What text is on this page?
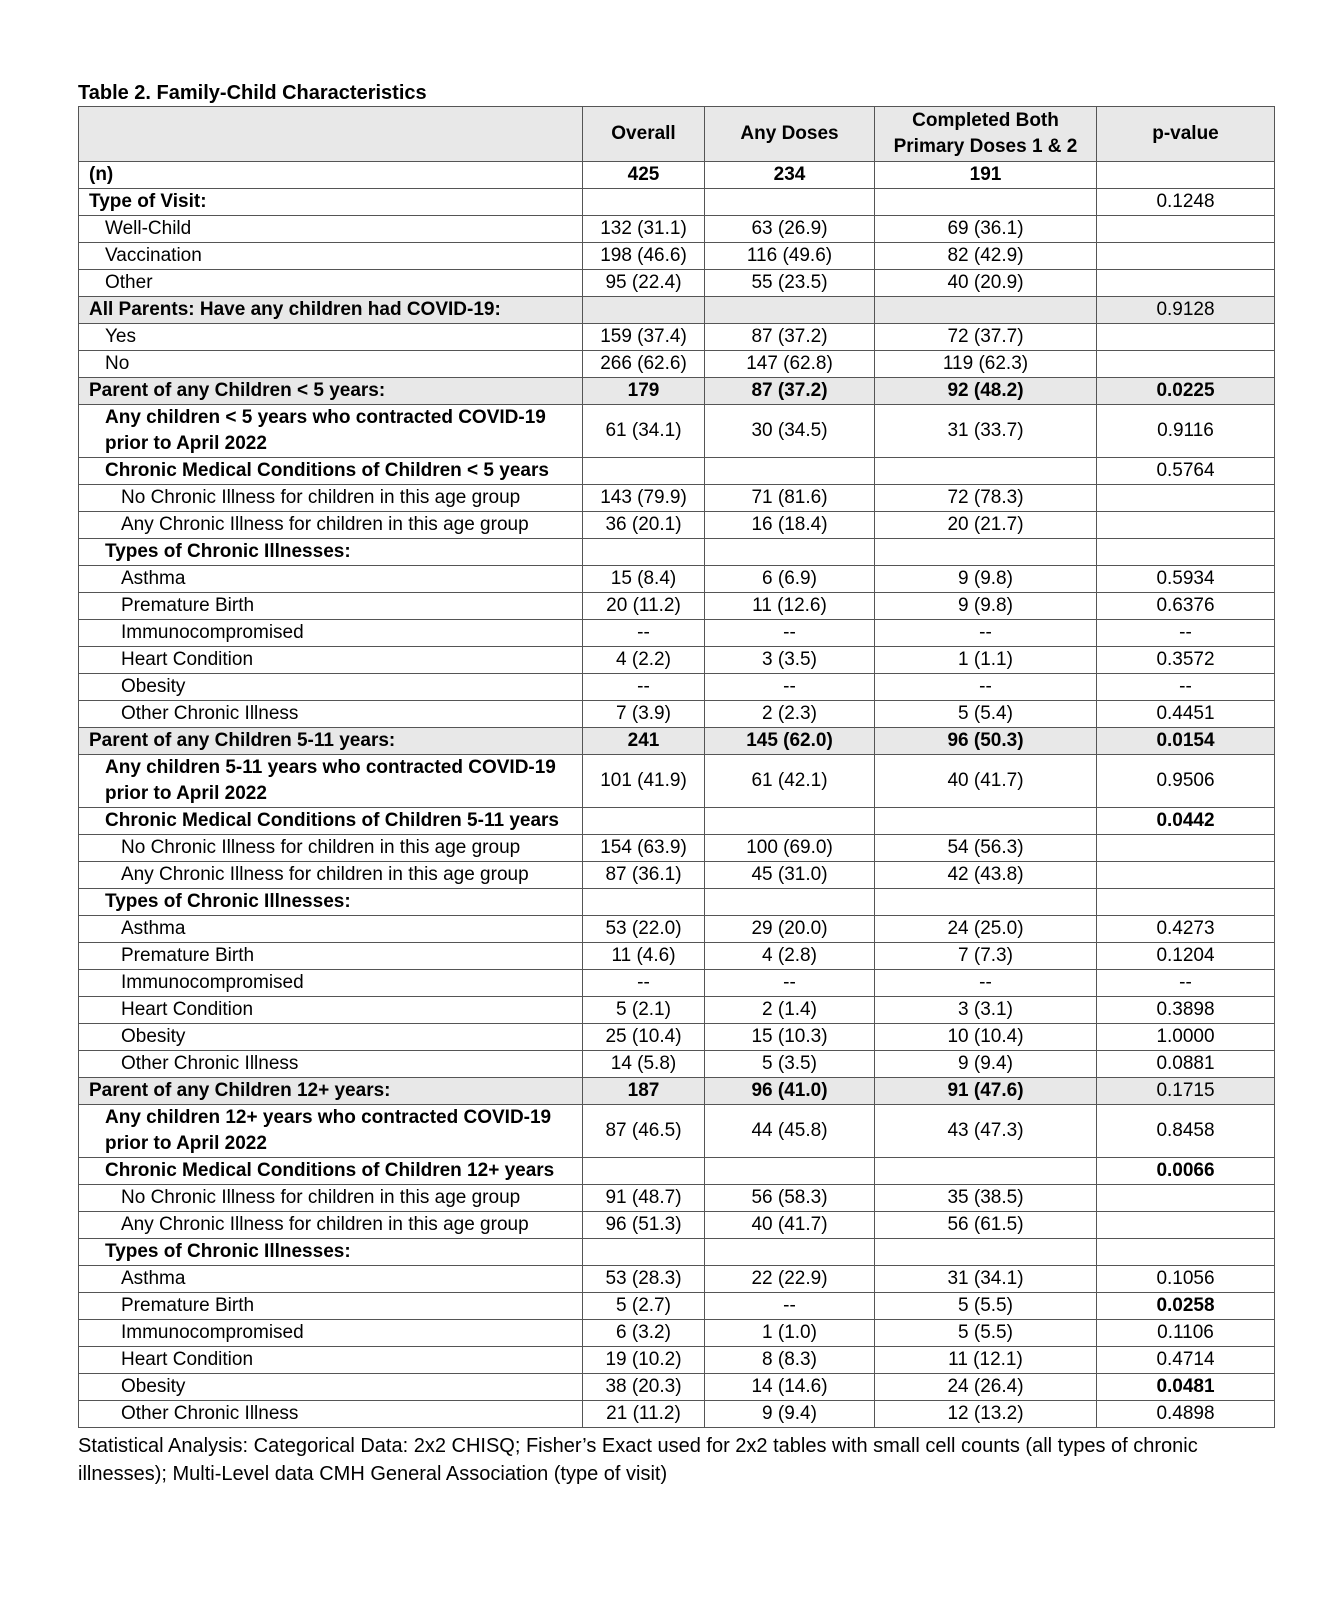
Table 2. Family-Child Characteristics
	Overall	Any Doses	Completed Both Primary Doses 1 & 2	p-value
(n)	425	234	191	
Type of Visit:				0.1248
Well-Child	132 (31.1)	63 (26.9)	69 (36.1)	
Vaccination	198 (46.6)	116 (49.6)	82 (42.9)	
Other	95 (22.4)	55 (23.5)	40 (20.9)	
All Parents: Have any children had COVID-19:				0.9128
Yes	159 (37.4)	87 (37.2)	72 (37.7)	
No	266 (62.6)	147 (62.8)	119 (62.3)	
Parent of any Children < 5 years:	179	87 (37.2)	92 (48.2)	0.0225
Any children < 5 years who contracted COVID-19 prior to April 2022	61 (34.1)	30 (34.5)	31 (33.7)	0.9116
Chronic Medical Conditions of Children < 5 years				0.5764
No Chronic Illness for children in this age group	143 (79.9)	71 (81.6)	72 (78.3)	
Any Chronic Illness for children in this age group	36 (20.1)	16 (18.4)	20 (21.7)	
Types of Chronic Illnesses:				
Asthma	15 (8.4)	6 (6.9)	9 (9.8)	0.5934
Premature Birth	20 (11.2)	11 (12.6)	9 (9.8)	0.6376
Immunocompromised	--	--	--	--
Heart Condition	4 (2.2)	3 (3.5)	1 (1.1)	0.3572
Obesity	--	--	--	--
Other Chronic Illness	7 (3.9)	2 (2.3)	5 (5.4)	0.4451
Parent of any Children 5-11 years:	241	145 (62.0)	96 (50.3)	0.0154
Any children 5-11 years who contracted COVID-19 prior to April 2022	101 (41.9)	61 (42.1)	40 (41.7)	0.9506
Chronic Medical Conditions of Children 5-11 years				0.0442
No Chronic Illness for children in this age group	154 (63.9)	100 (69.0)	54 (56.3)	
Any Chronic Illness for children in this age group	87 (36.1)	45 (31.0)	42 (43.8)	
Types of Chronic Illnesses:				
Asthma	53 (22.0)	29 (20.0)	24 (25.0)	0.4273
Premature Birth	11 (4.6)	4 (2.8)	7 (7.3)	0.1204
Immunocompromised	--	--	--	--
Heart Condition	5 (2.1)	2 (1.4)	3 (3.1)	0.3898
Obesity	25 (10.4)	15 (10.3)	10 (10.4)	1.0000
Other Chronic Illness	14 (5.8)	5 (3.5)	9 (9.4)	0.0881
Parent of any Children 12+ years:	187	96 (41.0)	91 (47.6)	0.1715
Any children 12+ years who contracted COVID-19 prior to April 2022	87 (46.5)	44 (45.8)	43 (47.3)	0.8458
Chronic Medical Conditions of Children 12+ years				0.0066
No Chronic Illness for children in this age group	91 (48.7)	56 (58.3)	35 (38.5)	
Any Chronic Illness for children in this age group	96 (51.3)	40 (41.7)	56 (61.5)	
Types of Chronic Illnesses:				
Asthma	53 (28.3)	22 (22.9)	31 (34.1)	0.1056
Premature Birth	5 (2.7)	--	5 (5.5)	0.0258
Immunocompromised	6 (3.2)	1 (1.0)	5 (5.5)	0.1106
Heart Condition	19 (10.2)	8 (8.3)	11 (12.1)	0.4714
Obesity	38 (20.3)	14 (14.6)	24 (26.4)	0.0481
Other Chronic Illness	21 (11.2)	9 (9.4)	12 (13.2)	0.4898
Statistical Analysis: Categorical Data: 2x2 CHISQ; Fisher’s Exact used for 2x2 tables with small cell counts (all types of chronic illnesses); Multi-Level data CMH General Association (type of visit)
